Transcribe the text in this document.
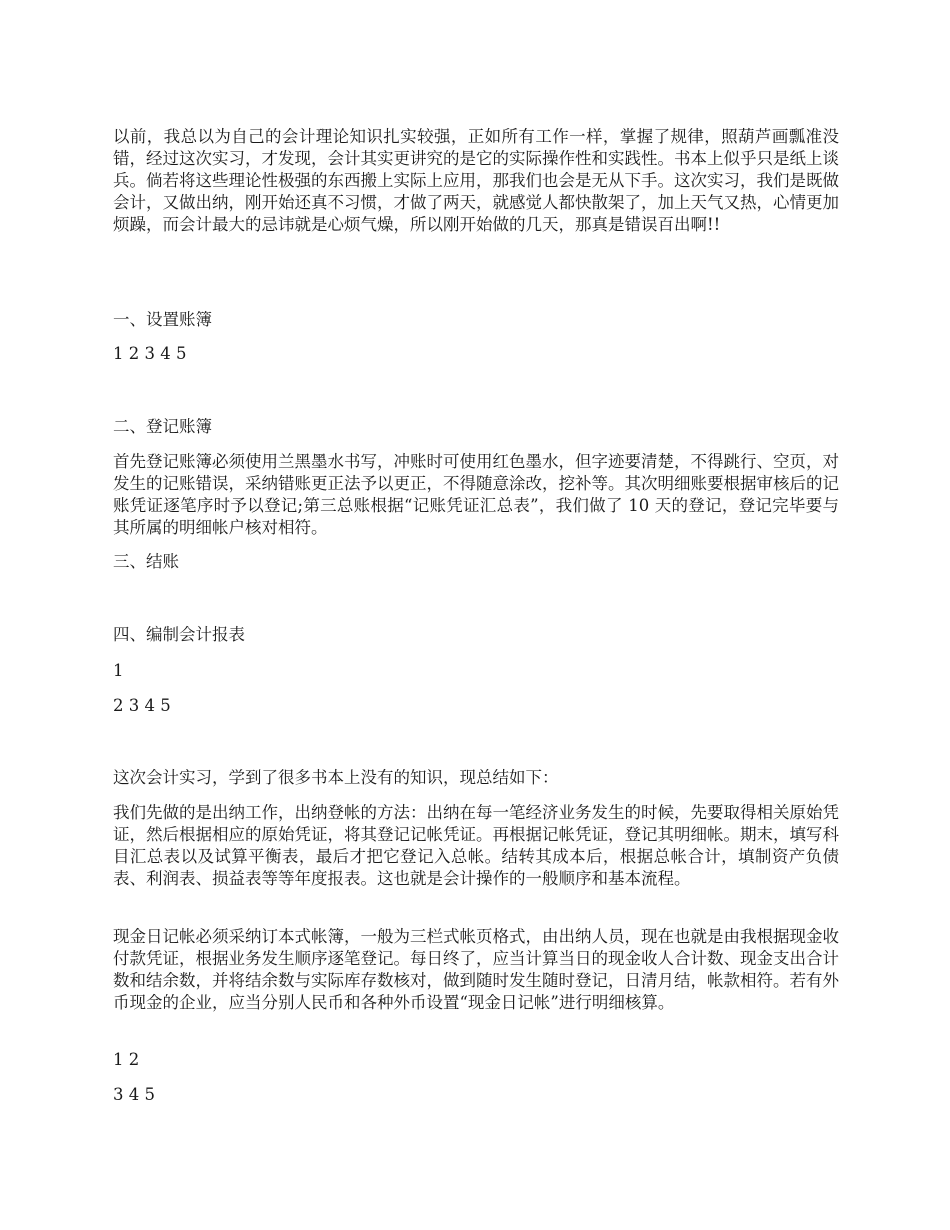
以前，我总以为自己的会计理论知识扎实较强，正如所有工作一样，掌握了规律，照葫芦画瓢准没错，经过这次实习，才发现，会计其实更讲究的是它的实际操作性和实践性。书本上似乎只是纸上谈兵。倘若将这些理论性极强的东西搬上实际上应用，那我们也会是无从下手。这次实习，我们是既做会计，又做出纳，刚开始还真不习惯，才做了两天，就感觉人都快散架了，加上天气又热，心情更加烦躁，而会计最大的忌讳就是心烦气燥，所以刚开始做的几天，那真是错误百出啊!!

一、设置账簿

1 2 3 4 5

二、登记账簿

首先登记账簿必须使用兰黑墨水书写，冲账时可使用红色墨水，但字迹要清楚，不得跳行、空页，对发生的记账错误，采纳错账更正法予以更正，不得随意涂改，挖补等。其次明细账要根据审核后的记账凭证逐笔序时予以登记;第三总账根据“记账凭证汇总表”，我们做了 10 天的登记，登记完毕要与其所属的明细帐户核对相符。

三、结账

四、编制会计报表

1

2 3 4 5

这次会计实习，学到了很多书本上没有的知识，现总结如下：

我们先做的是出纳工作，出纳登帐的方法：出纳在每一笔经济业务发生的时候，先要取得相关原始凭证，然后根据相应的原始凭证，将其登记记帐凭证。再根据记帐凭证，登记其明细帐。期末，填写科目汇总表以及试算平衡表，最后才把它登记入总帐。结转其成本后，根据总帐合计，填制资产负债表、利润表、损益表等等年度报表。这也就是会计操作的一般顺序和基本流程。

现金日记帐必须采纳订本式帐簿，一般为三栏式帐页格式，由出纳人员，现在也就是由我根据现金收付款凭证，根据业务发生顺序逐笔登记。每日终了，应当计算当日的现金收人合计数、现金支出合计数和结余数，并将结余数与实际库存数核对，做到随时发生随时登记，日清月结，帐款相符。若有外币现金的企业，应当分别人民币和各种外币设置“现金日记帐”进行明细核算。

1 2

3 4 5
